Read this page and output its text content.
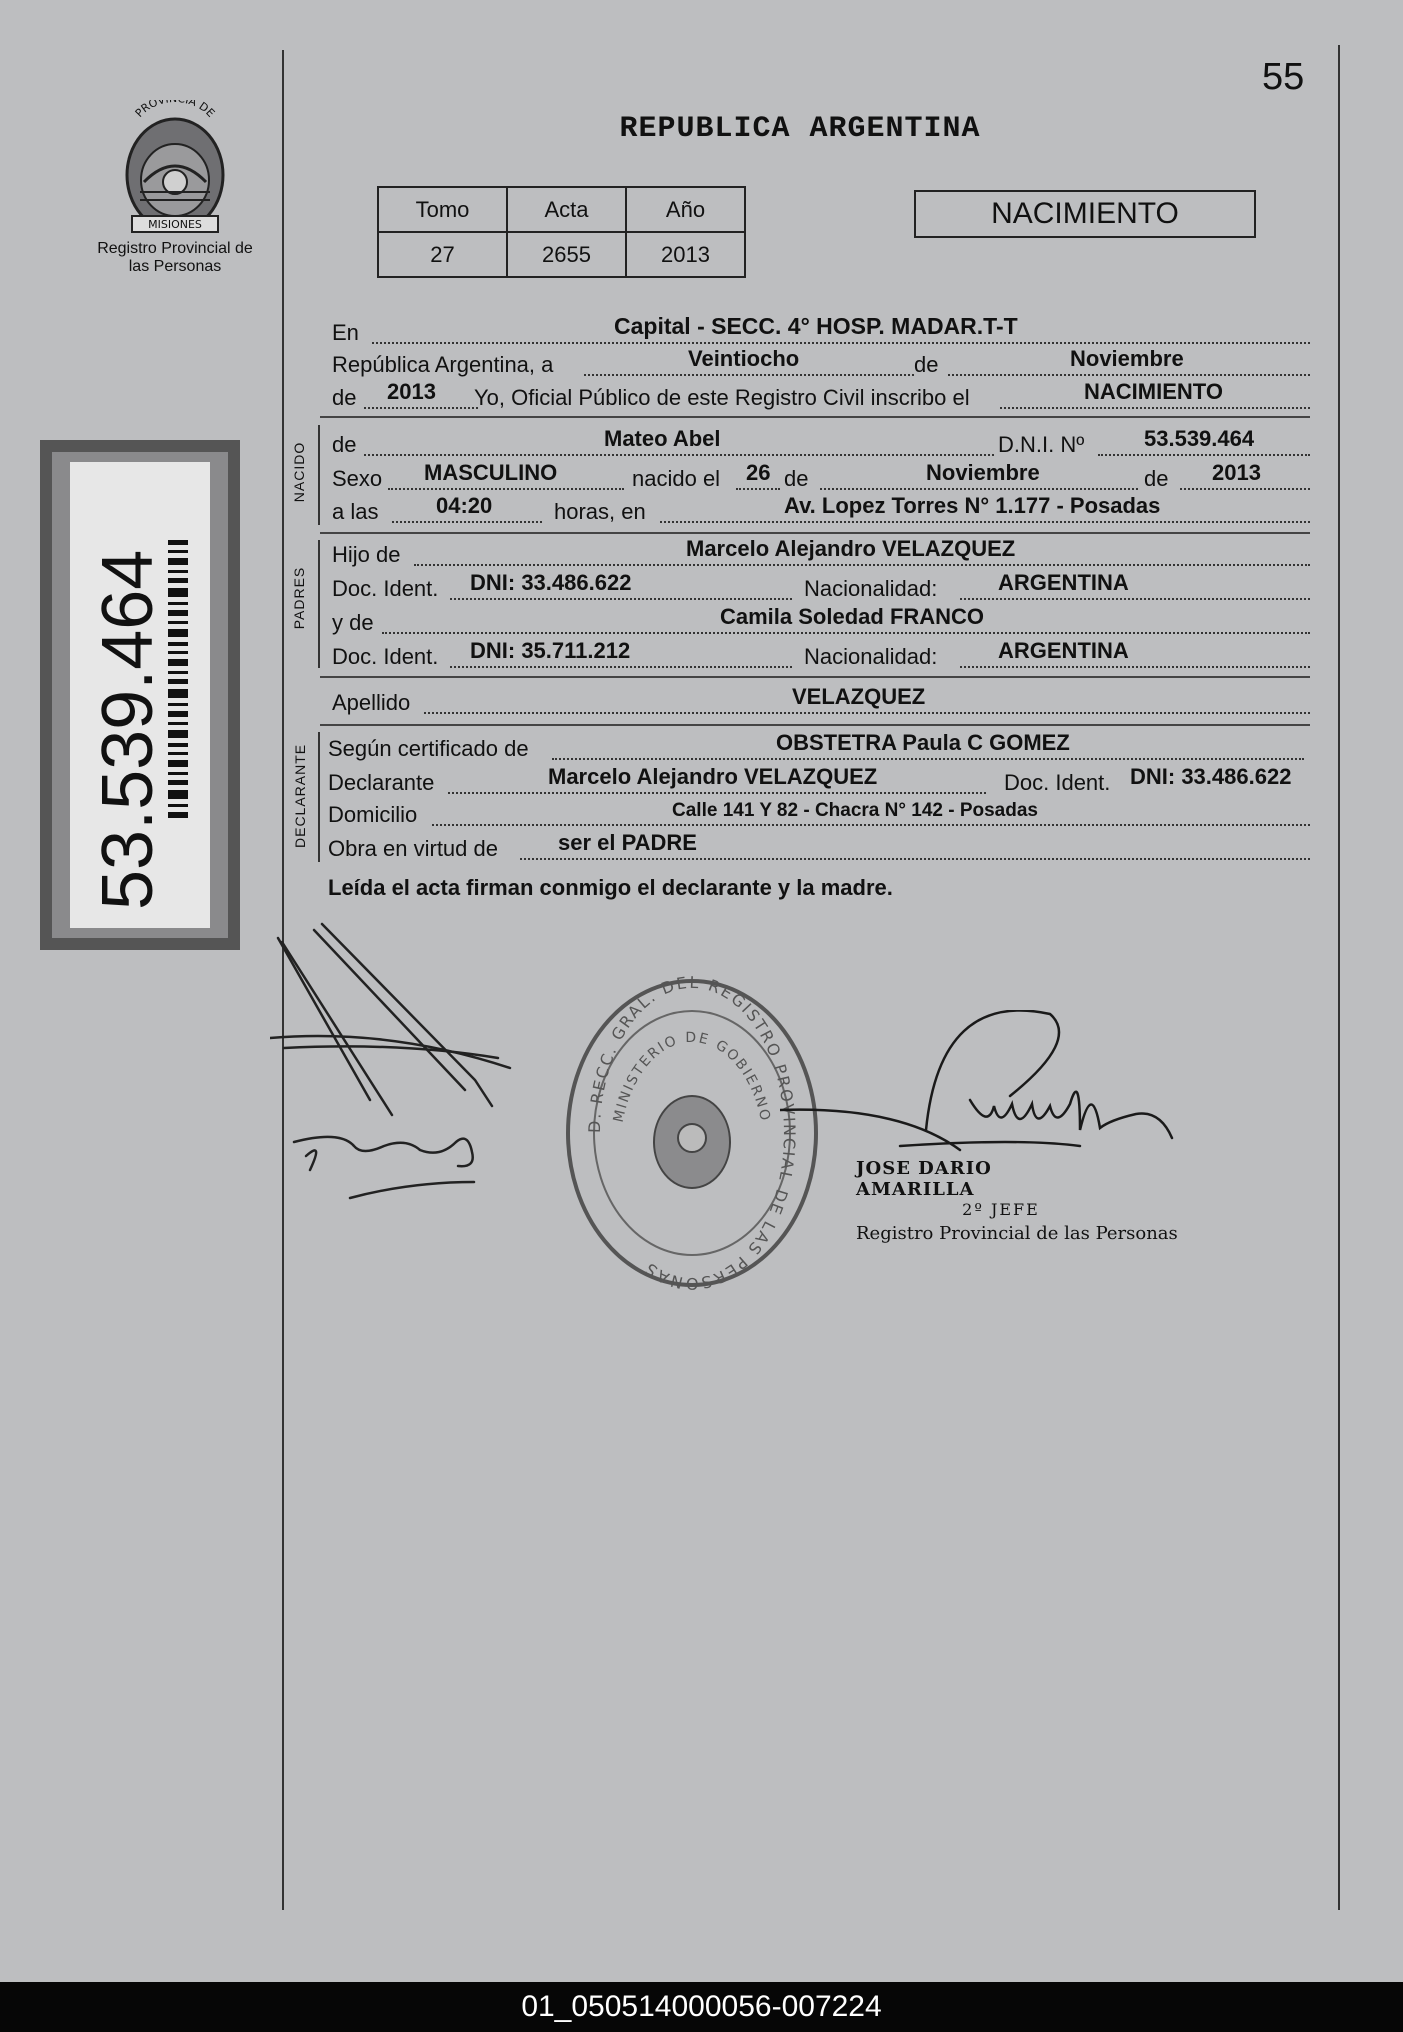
55
REPUBLICA ARGENTINA
PROV A DE
MISIONES
Registro Provincial de las Personas
53.539.464
Tomo	Acta	Año
27	2655	2013
NACIMIENTO
En	Capital - SECC. 4° HOSP. MADAR.T-T
República Argentina, a	Veintiocho	de	Noviembre
de 2013 Yo, Oficial Público de este Registro Civil inscribo el	NACIMIENTO
NACIDO de	Mateo Abel	D.N.I. Nº	53.539.464
Sexo MASCULINO	nacido el 26 de	Noviembre	de 2013
a las	04:20	horas, en	Av. Lopez Torres N° 1.177 - Posadas
PADRES
Hijo de	Marcelo Alejandro VELAZQUEZ
Doc. Ident. DNI: 33.486.622	Nacionalidad:	ARGENTINA
y de	Camila Soledad FRANCO
Doc. Ident. DNI: 35.711.212	Nacionalidad:	ARGENTINA
Apellido	VELAZQUEZ
DECLARANTE Según certificado de	OBSTETRA Paula C GOMEZ
Declarante	Marcelo Alejandro VELAZQUEZ	Doc. Ident. DNI: 33.486.622
Domicilio	Calle 141 Y 82 - Chacra N° 142 - Posadas
Obra en virtud de	ser el PADRE
Leída el acta firman conmigo el declarante y la madre.
D. RECC. GRAL. DEL REGISTRO PROVINCIAL DE LAS PERSONAS
MINISTERIO DE GOBIERNO
JOSE DARIO AMARILLA
2º JEFE
Registro Provincial de las Personas
01_050514000056-007224
